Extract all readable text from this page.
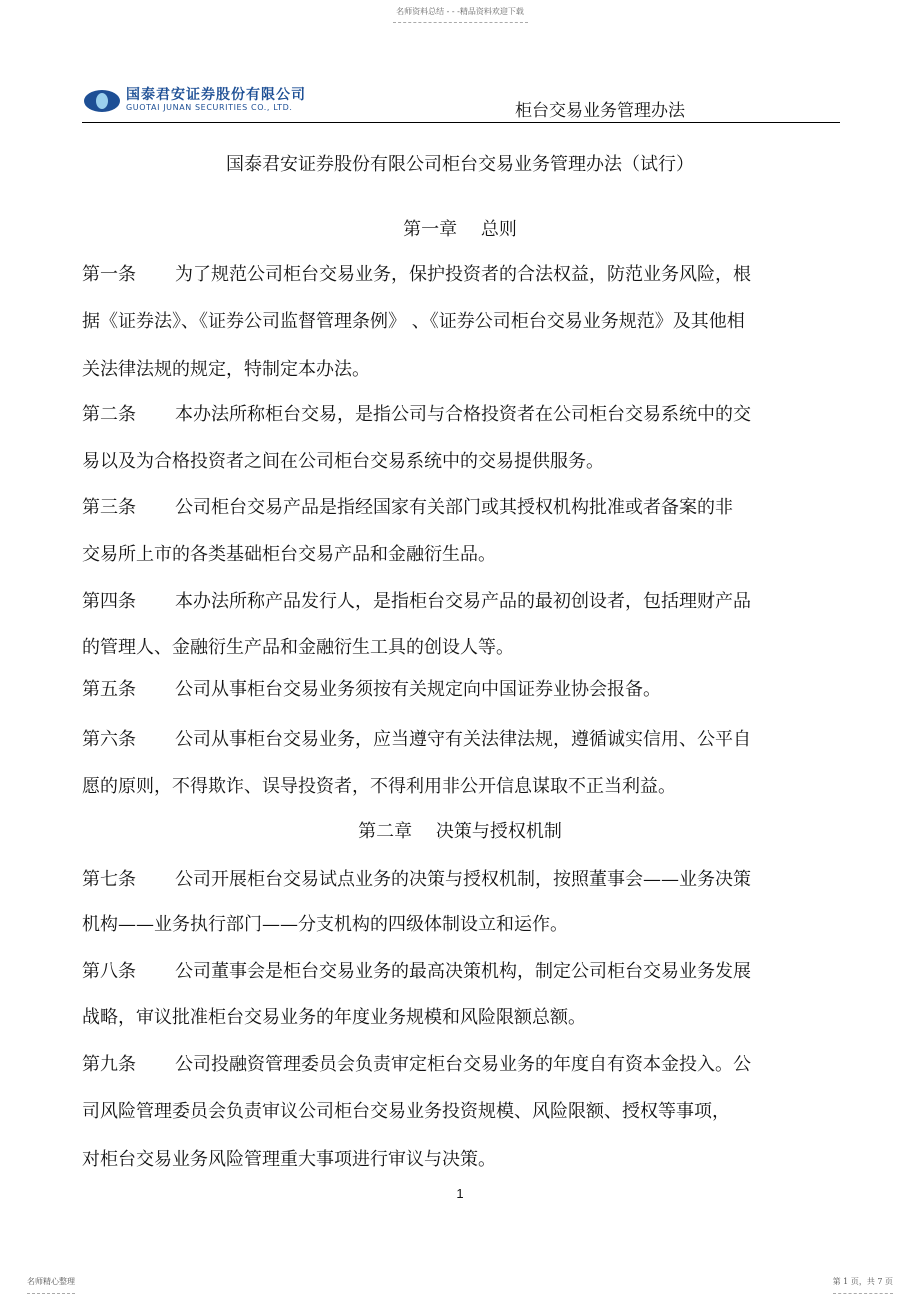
名师资料总结 - - -精品资料欢迎下载
国泰君安证券股份有限公司
GUOTAI JUNAN SECURITIES CO., LTD.	柜台交易业务管理办法
国泰君安证券股份有限公司柜台交易业务管理办法（试行）
第一章　 总则
第一条 为了规范公司柜台交易业务，保护投资者的合法权益，防范业务风险，根
据《证券法》、《证券公司监督管理条例》 、《证券公司柜台交易业务规范》及其他相
关法律法规的规定，特制定本办法。
第二条 本办法所称柜台交易，是指公司与合格投资者在公司柜台交易系统中的交
易以及为合格投资者之间在公司柜台交易系统中的交易提供服务。
第三条 公司柜台交易产品是指经国家有关部门或其授权机构批准或者备案的非
交易所上市的各类基础柜台交易产品和金融衍生品。
第四条 本办法所称产品发行人，是指柜台交易产品的最初创设者，包括理财产品
的管理人、金融衍生产品和金融衍生工具的创设人等。
第五条 公司从事柜台交易业务须按有关规定向中国证券业协会报备。
第六条 公司从事柜台交易业务，应当遵守有关法律法规，遵循诚实信用、公平自
愿的原则，不得欺诈、误导投资者，不得利用非公开信息谋取不正当利益。
第二章　 决策与授权机制
第七条 公司开展柜台交易试点业务的决策与授权机制，按照董事会——业务决策
机构——业务执行部门——分支机构的四级体制设立和运作。
第八条 公司董事会是柜台交易业务的最高决策机构，制定公司柜台交易业务发展
战略，审议批准柜台交易业务的年度业务规模和风险限额总额。
第九条 公司投融资管理委员会负责审定柜台交易业务的年度自有资本金投入。公
司风险管理委员会负责审议公司柜台交易业务投资规模、风险限额、授权等事项，
对柜台交易业务风险管理重大事项进行审议与决策。
1
名师精心整理	第 1 页，共 7 页
